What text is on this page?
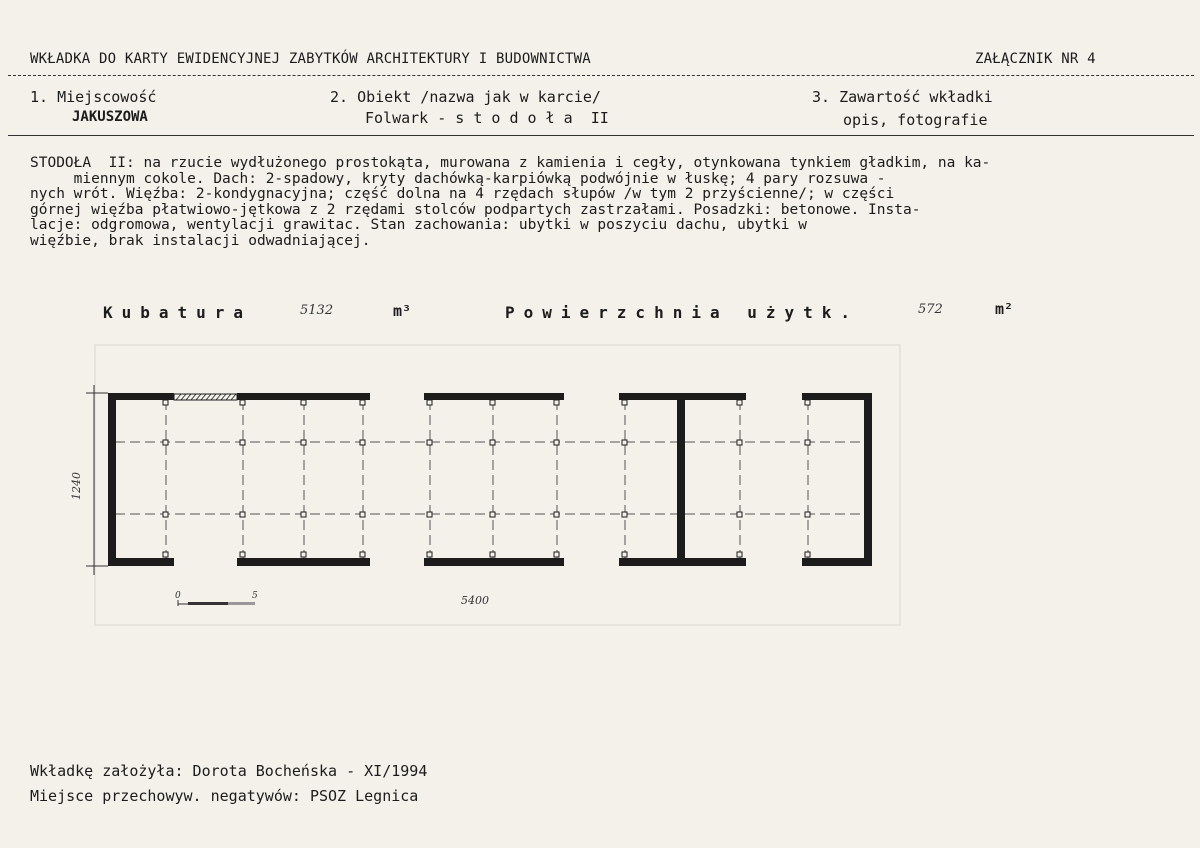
WKŁADKA DO KARTY EWIDENCYJNEJ ZABYTKÓW ARCHITEKTURY I BUDOWNICTWA	ZAŁĄCZNIK NR 4
1. Miejscowość
JAKUSZOWA
2. Obiekt /nazwa jak w karcie/
Folwark - s t o d o ł a  II
3. Zawartość wkładki
opis, fotografie

STODOŁA  II: na rzucie wydłużonego prostokąta, murowana z kamienia i cegły, otynkowana tynkiem gładkim, na ka-

miennym cokole. Dach: 2-spadowy, kryty dachówką-karpiówką podwójnie w łuskę; 4 pary rozsuwa -

nych wrót. Więźba: 2-kondygnacyjna; część dolna na 4 rzędach słupów /w tym 2 przyścienne/; w części

górnej więźba płatwiowo-jętkowa z 2 rzędami stolców podpartych zastrzałami. Posadzki: betonowe. Insta-

lacje: odgromowa, wentylacji grawitac. Stan zachowania: ubytki w poszyciu dachu, ubytki w

więźbie, brak instalacji odwadniającej.

Kubatura	5132	m³	Powierzchnia użytk.	572	m²
1240
0	5	5400
Wkładkę założyła: Dorota Bocheńska - XI/1994
Miejsce przechowyw. negatywów: PSOZ Legnica
